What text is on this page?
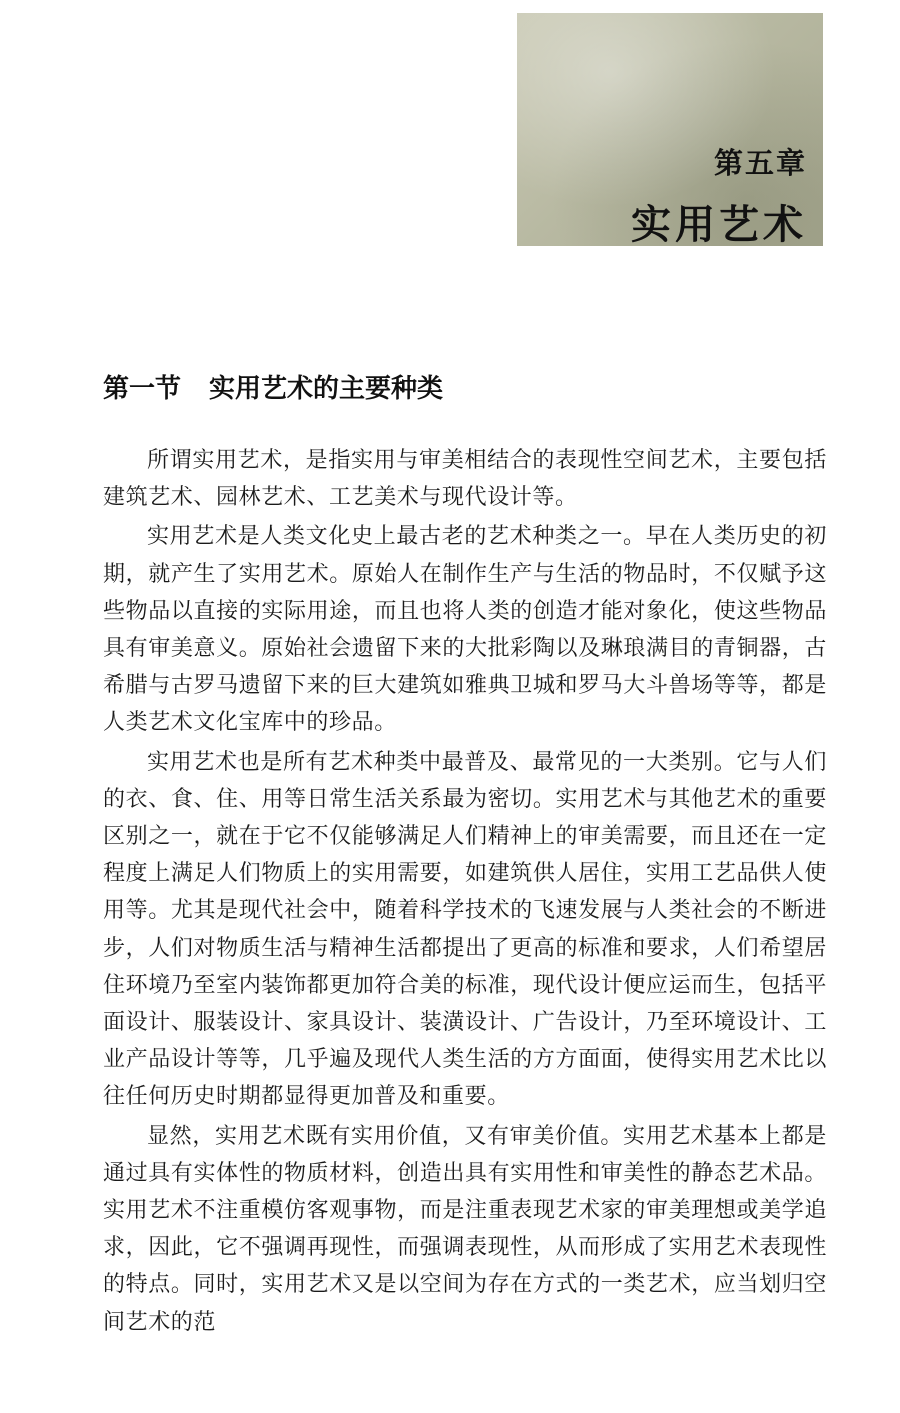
第五章
实用艺术
第一节 实用艺术的主要种类

所谓实用艺术，是指实用与审美相结合的表现性空间艺术，主要包括建筑艺术、园林艺术、工艺美术与现代设计等。

实用艺术是人类文化史上最古老的艺术种类之一。早在人类历史的初期，就产生了实用艺术。原始人在制作生产与生活的物品时，不仅赋予这些物品以直接的实际用途，而且也将人类的创造才能对象化，使这些物品具有审美意义。原始社会遗留下来的大批彩陶以及琳琅满目的青铜器，古希腊与古罗马遗留下来的巨大建筑如雅典卫城和罗马大斗兽场等等，都是人类艺术文化宝库中的珍品。

实用艺术也是所有艺术种类中最普及、最常见的一大类别。它与人们的衣、食、住、用等日常生活关系最为密切。实用艺术与其他艺术的重要区别之一，就在于它不仅能够满足人们精神上的审美需要，而且还在一定程度上满足人们物质上的实用需要，如建筑供人居住，实用工艺品供人使用等。尤其是现代社会中，随着科学技术的飞速发展与人类社会的不断进步，人们对物质生活与精神生活都提出了更高的标准和要求，人们希望居住环境乃至室内装饰都更加符合美的标准，现代设计便应运而生，包括平面设计、服装设计、家具设计、装潢设计、广告设计，乃至环境设计、工业产品设计等等，几乎遍及现代人类生活的方方面面，使得实用艺术比以往任何历史时期都显得更加普及和重要。

显然，实用艺术既有实用价值，又有审美价值。实用艺术基本上都是通过具有实体性的物质材料，创造出具有实用性和审美性的静态艺术品。实用艺术不注重模仿客观事物，而是注重表现艺术家的审美理想或美学追求，因此，它不强调再现性，而强调表现性，从而形成了实用艺术表现性的特点。同时，实用艺术又是以空间为存在方式的一类艺术，应当划归空间艺术的范
